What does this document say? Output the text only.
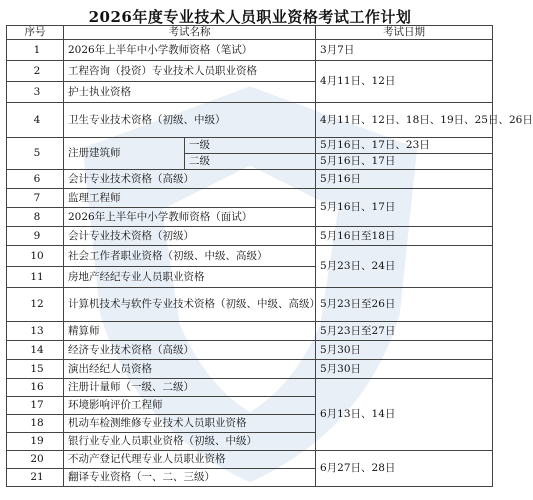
2026年度专业技术人员职业资格考试工作计划
序号	考试名称		考试日期
1	2026年上半年中小学教师资格（笔试）		3月7日
2	工程咨询（投资）专业技术人员职业资格		4月11日、12日
3	护士执业资格		
4	卫生专业技术资格（初级、中级）		4月11日、12日、18日、19日、25日、26日
5	注册建筑师	一级	5月16日、17日、23日
		二级	5月16日、17日
6	会计专业技术资格（高级）		5月16日
7	监理工程师		5月16日、17日
8	2026年上半年中小学教师资格（面试）		
9	会计专业技术资格（初级）		5月16日至18日
10	社会工作者职业资格（初级、中级、高级）		5月23日、24日
11	房地产经纪专业人员职业资格		
12	计算机技术与软件专业技术资格（初级、中级、高级）		5月23日至26日
13	精算师		5月23日至27日
14	经济专业技术资格（高级）		5月30日
15	演出经纪人员资格		5月30日
16	注册计量师（一级、二级）		6月13日、14日
17	环境影响评价工程师		
18	机动车检测维修专业技术人员职业资格		
19	银行业专业人员职业资格（初级、中级）		
20	不动产登记代理专业人员职业资格		6月27日、28日
21	翻译专业资格（一、二、三级）		
